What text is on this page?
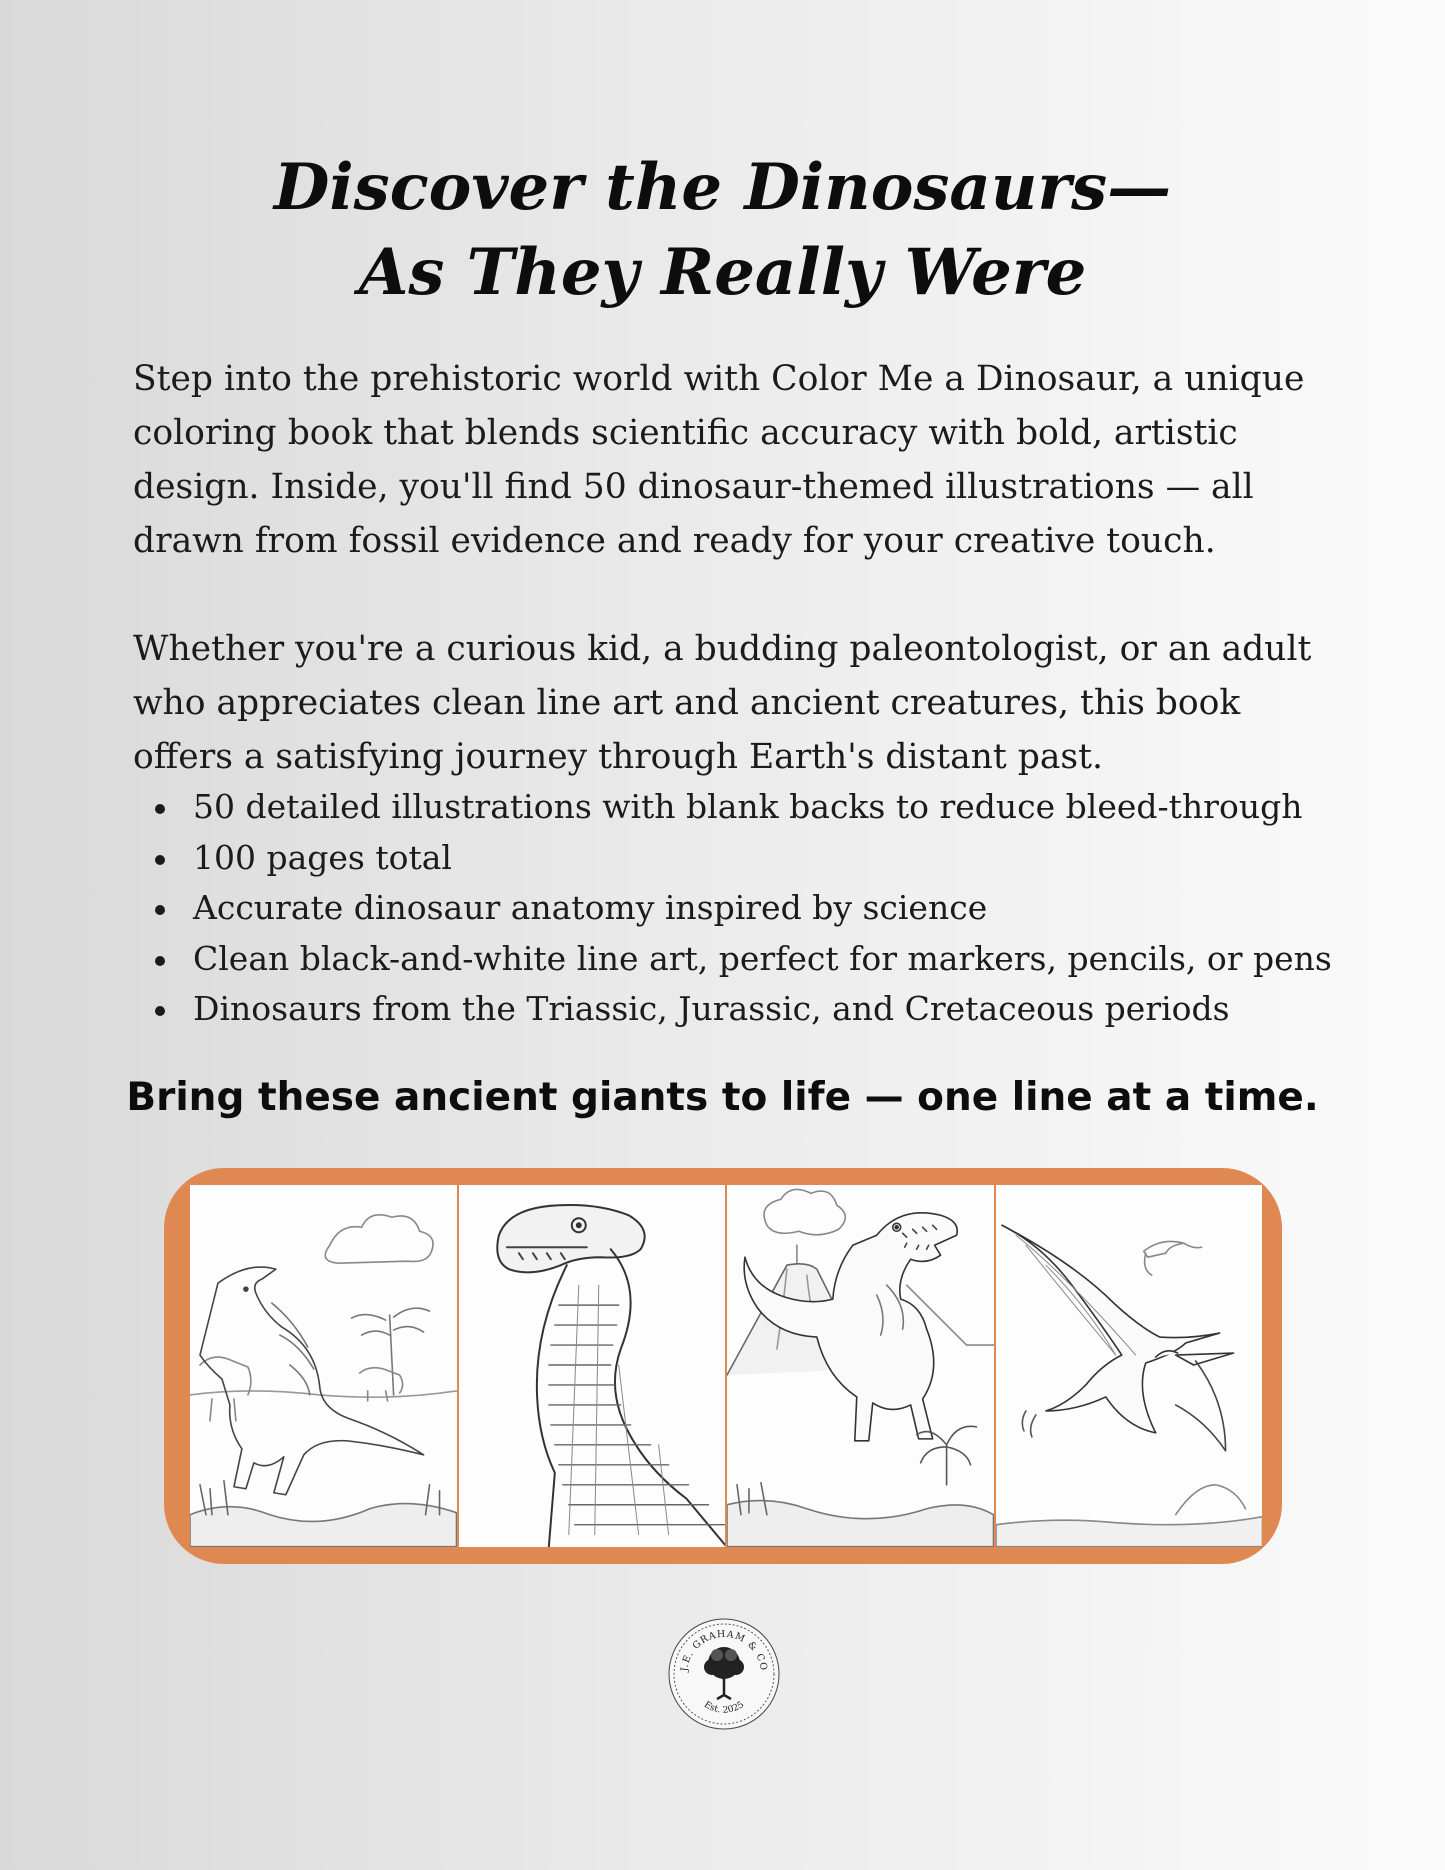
Discover the Dinosaurs—
As They Really Were
Step into the prehistoric world with Color Me a Dinosaur, a unique
coloring book that blends scientific accuracy with bold, artistic
design. Inside, you'll find 50 dinosaur-themed illustrations — all
drawn from fossil evidence and ready for your creative touch.
Whether you're a curious kid, a budding paleontologist, or an adult
who appreciates clean line art and ancient creatures, this book
offers a satisfying journey through Earth's distant past.
50 detailed illustrations with blank backs to reduce bleed-through
100 pages total
Accurate dinosaur anatomy inspired by science
Clean black-and-white line art, perfect for markers, pencils, or pens
Dinosaurs from the Triassic, Jurassic, and Cretaceous periods
Bring these ancient giants to life — one line at a time.
J.E. GRAHAM & CO
Est. 2025
